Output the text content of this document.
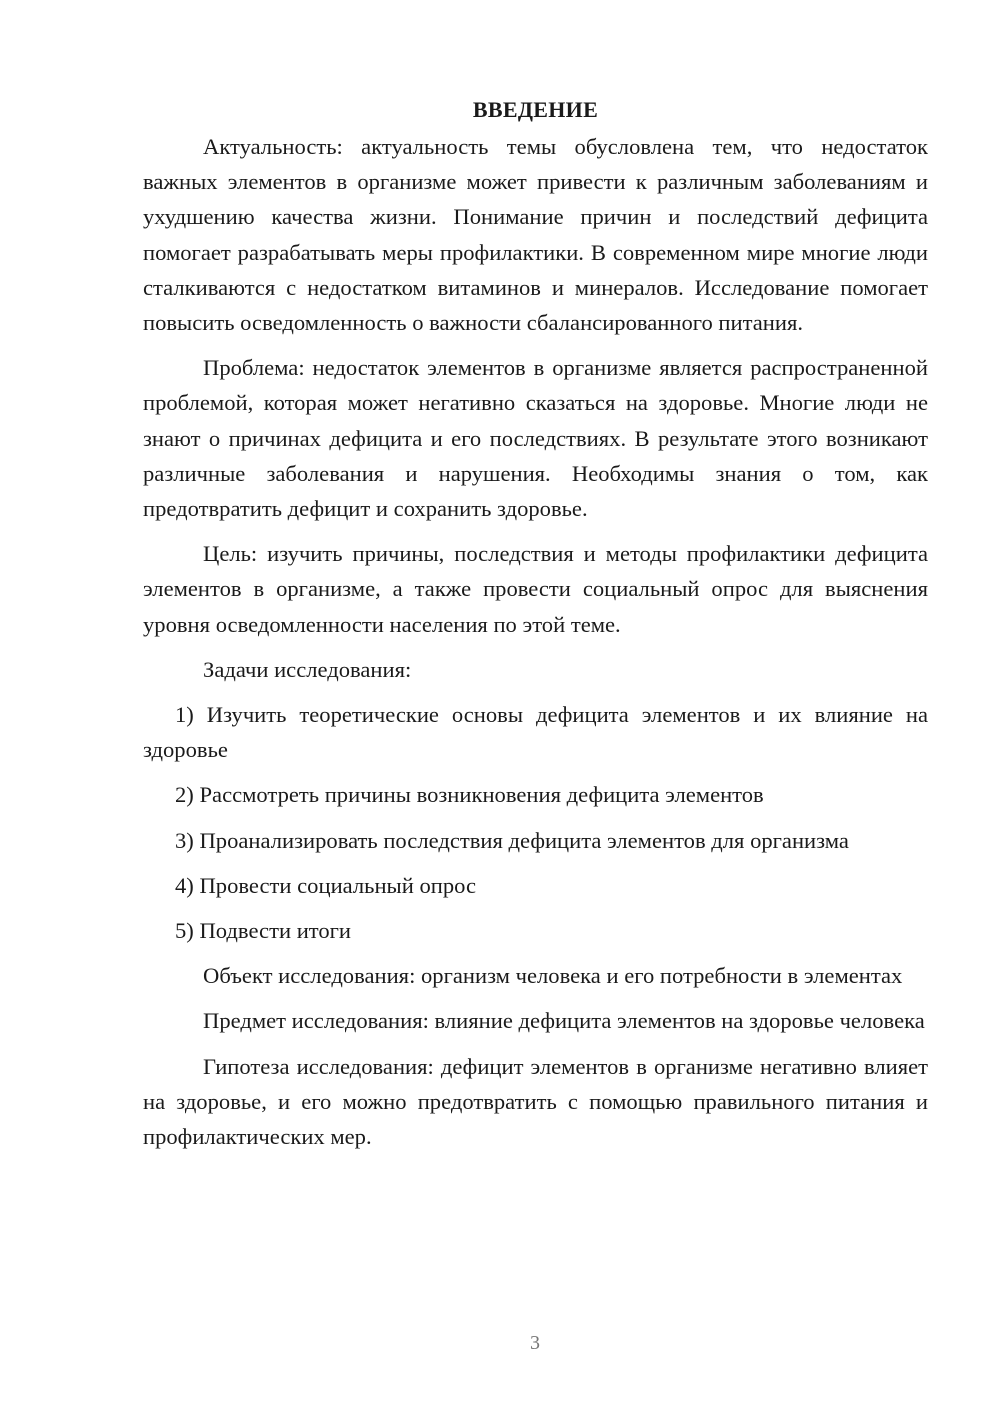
ВВЕДЕНИЕ

Актуальность: актуальность темы обусловлена тем, что недостаток важных элементов в организме может привести к различным заболеваниям и ухудшению качества жизни. Понимание причин и последствий дефицита помогает разрабатывать меры профилактики. В современном мире многие люди сталкиваются с недостатком витаминов и минералов. Исследование помогает повысить осведомленность о важности сбалансированного питания.

Проблема: недостаток элементов в организме является распространенной проблемой, которая может негативно сказаться на здоровье. Многие люди не знают о причинах дефицита и его последствиях. В результате этого возникают различные заболевания и нарушения. Необходимы знания о том, как предотвратить дефицит и сохранить здоровье.

Цель: изучить причины, последствия и методы профилактики дефицита элементов в организме, а также провести социальный опрос для выяснения уровня осведомленности населения по этой теме.

Задачи исследования:

1) Изучить теоретические основы дефицита элементов и их влияние на здоровье

2) Рассмотреть причины возникновения дефицита элементов

3) Проанализировать последствия дефицита элементов для организма

4) Провести социальный опрос

5) Подвести итоги

Объект исследования: организм человека и его потребности в элементах

Предмет исследования: влияние дефицита элементов на здоровье человека

Гипотеза исследования: дефицит элементов в организме негативно влияет на здоровье, и его можно предотвратить с помощью правильного питания и профилактических мер.

3
